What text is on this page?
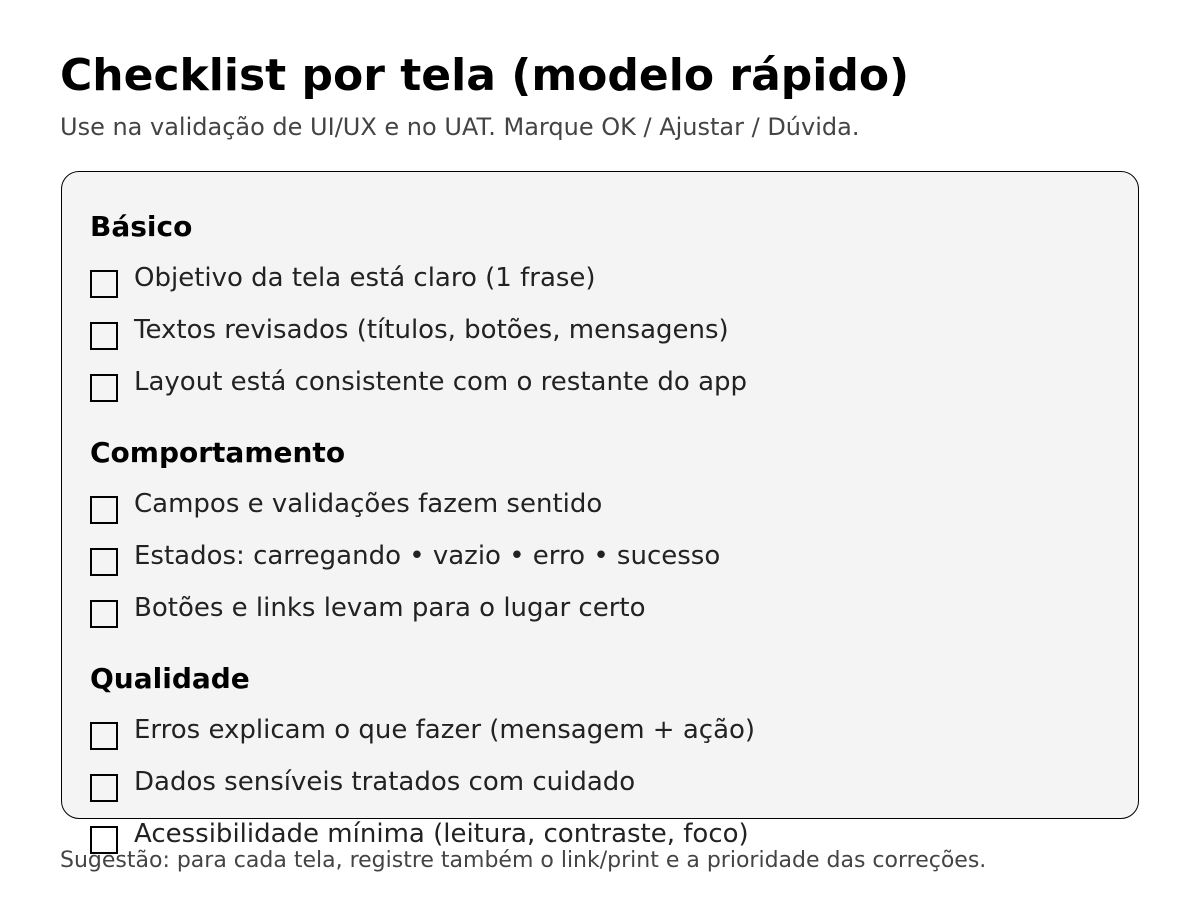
Checklist por tela (modelo rápido)

Use na validação de UI/UX e no UAT. Marque OK / Ajustar / Dúvida.

Básico
Objetivo da tela está claro (1 frase)
Textos revisados (títulos, botões, mensagens)
Layout está consistente com o restante do app
Comportamento
Campos e validações fazem sentido
Estados: carregando • vazio • erro • sucesso
Botões e links levam para o lugar certo
Qualidade
Erros explicam o que fazer (mensagem + ação)
Dados sensíveis tratados com cuidado
Acessibilidade mínima (leitura, contraste, foco)

Sugestão: para cada tela, registre também o link/print e a prioridade das correções.
